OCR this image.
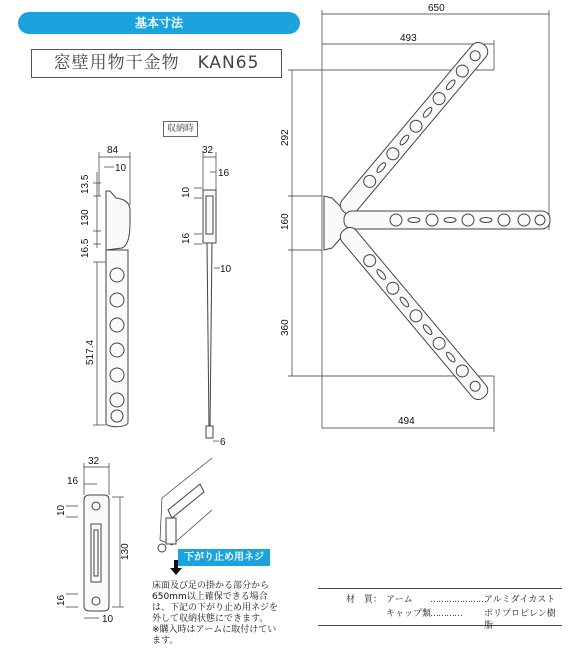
基本寸法
窓壁用物干金物　KAN65
収納時
84
10
13.5
130
16.5
517.4
32
16
10
16
10
6
650
493
292
160
360
494
32
16
10
130
16
10
下がり止め用ネジ

床面及び足の掛かる部分から

650mm以上確保できる場合

は、下記の下がり止め用ネジを

外して収納状態にできます。

※購入時はアームに取付けてい

ます。

材　質： アーム …………………
アルミダイカスト
キャップ類
………… ポリプロピレン樹脂
